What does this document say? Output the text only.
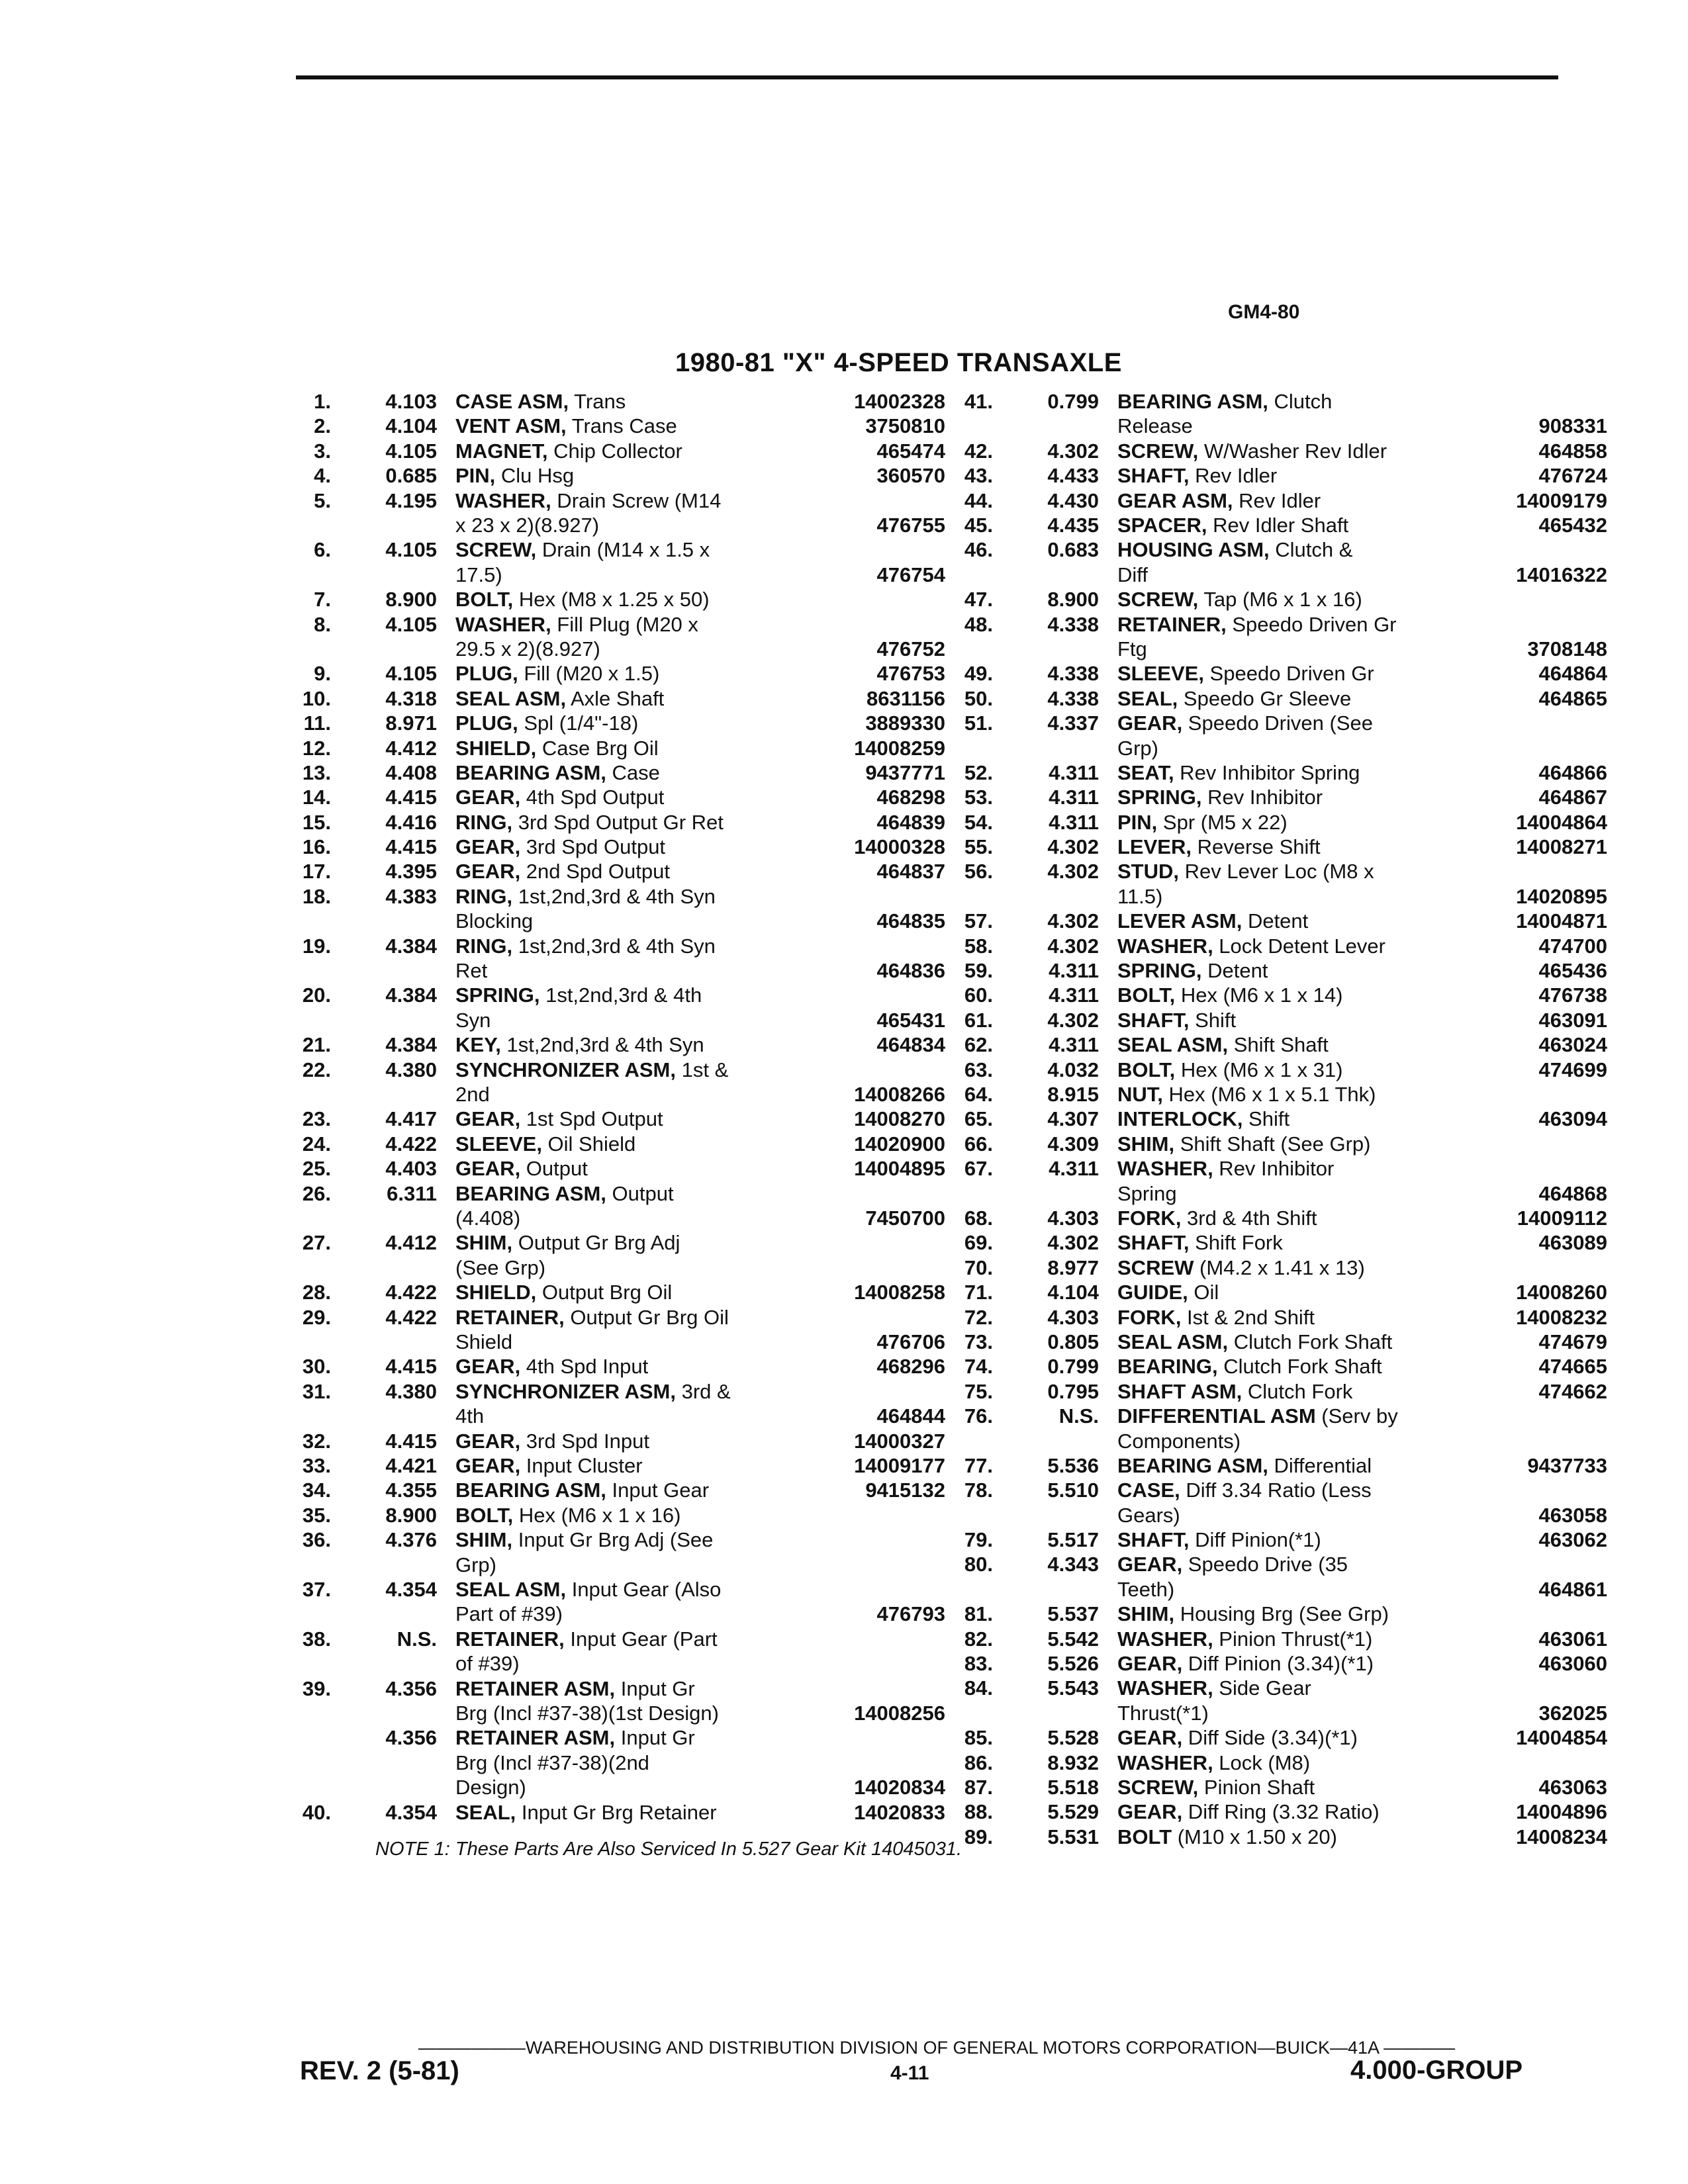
GM4-80
1980-81 "X" 4-SPEED TRANSAXLE
1.	4.103 CASE ASM, Trans	14002328
2.	4.104 VENT ASM, Trans Case	3750810
3.	4.105 MAGNET, Chip Collector	465474
4.	0.685 PIN, Clu Hsg	360570
5.	4.195 WASHER, Drain Screw (M14
x 23 x 2)(8.927)	476755
6.	4.105 SCREW, Drain (M14 x 1.5 x
17.5)	476754
7.	8.900 BOLT, Hex (M8 x 1.25 x 50)
8.	4.105 WASHER, Fill Plug (M20 x
29.5 x 2)(8.927)	476752
9.	4.105 PLUG, Fill (M20 x 1.5)	476753
10.	4.318 SEAL ASM, Axle Shaft	8631156
11.	8.971 PLUG, Spl (1/4"-18)	3889330
12.	4.412 SHIELD, Case Brg Oil	14008259
13.	4.408 BEARING ASM, Case	9437771
14.	4.415 GEAR, 4th Spd Output	468298
15.	4.416 RING, 3rd Spd Output Gr Ret	464839
16.	4.415 GEAR, 3rd Spd Output	14000328
17.	4.395 GEAR, 2nd Spd Output	464837
18.	4.383 RING, 1st,2nd,3rd & 4th Syn
Blocking	464835
19.	4.384 RING, 1st,2nd,3rd & 4th Syn
Ret	464836
20.	4.384 SPRING, 1st,2nd,3rd & 4th
Syn	465431
21.	4.384 KEY, 1st,2nd,3rd & 4th Syn	464834
22.	4.380 SYNCHRONIZER ASM, 1st &
2nd	14008266
23.	4.417 GEAR, 1st Spd Output	14008270
24.	4.422 SLEEVE, Oil Shield	14020900
25.	4.403 GEAR, Output	14004895
26.	6.311 BEARING ASM, Output
(4.408)	7450700
27.	4.412 SHIM, Output Gr Brg Adj
(See Grp)
28.	4.422 SHIELD, Output Brg Oil	14008258
29.	4.422 RETAINER, Output Gr Brg Oil
Shield	476706
30.	4.415 GEAR, 4th Spd Input	468296
31.	4.380 SYNCHRONIZER ASM, 3rd &
4th	464844
32.	4.415 GEAR, 3rd Spd Input	14000327
33.	4.421 GEAR, Input Cluster	14009177
34.	4.355 BEARING ASM, Input Gear	9415132
35.	8.900 BOLT, Hex (M6 x 1 x 16)
36.	4.376 SHIM, Input Gr Brg Adj (See
Grp)
37.	4.354 SEAL ASM, Input Gear (Also
Part of #39)	476793
38.	N.S. RETAINER, Input Gear (Part
of #39)
39.	4.356 RETAINER ASM, Input Gr
Brg (Incl #37-38)(1st Design)	14008256
4.356 RETAINER ASM, Input Gr
Brg (Incl #37-38)(2nd
Design)	14020834
40.	4.354 SEAL, Input Gr Brg Retainer	14020833
41.	0.799 BEARING ASM, Clutch
Release	908331
42.	4.302 SCREW, W/Washer Rev Idler	464858
43.	4.433 SHAFT, Rev Idler	476724
44.	4.430 GEAR ASM, Rev Idler	14009179
45.	4.435 SPACER, Rev Idler Shaft	465432
46.	0.683 HOUSING ASM, Clutch &
Diff	14016322
47.	8.900 SCREW, Tap (M6 x 1 x 16)
48.	4.338 RETAINER, Speedo Driven Gr
Ftg	3708148
49.	4.338 SLEEVE, Speedo Driven Gr	464864
50.	4.338 SEAL, Speedo Gr Sleeve	464865
51.	4.337 GEAR, Speedo Driven (See
Grp)
52.	4.311 SEAT, Rev Inhibitor Spring	464866
53.	4.311 SPRING, Rev Inhibitor	464867
54.	4.311 PIN, Spr (M5 x 22)	14004864
55.	4.302 LEVER, Reverse Shift	14008271
56.	4.302 STUD, Rev Lever Loc (M8 x
11.5)	14020895
57.	4.302 LEVER ASM, Detent	14004871
58.	4.302 WASHER, Lock Detent Lever	474700
59.	4.311 SPRING, Detent	465436
60.	4.311 BOLT, Hex (M6 x 1 x 14)	476738
61.	4.302 SHAFT, Shift	463091
62.	4.311 SEAL ASM, Shift Shaft	463024
63.	4.032 BOLT, Hex (M6 x 1 x 31)	474699
64.	8.915 NUT, Hex (M6 x 1 x 5.1 Thk)
65.	4.307 INTERLOCK, Shift	463094
66.	4.309 SHIM, Shift Shaft (See Grp)
67.	4.311 WASHER, Rev Inhibitor
Spring	464868
68.	4.303 FORK, 3rd & 4th Shift	14009112
69.	4.302 SHAFT, Shift Fork	463089
70.	8.977 SCREW (M4.2 x 1.41 x 13)
71.	4.104 GUIDE, Oil	14008260
72.	4.303 FORK, Ist & 2nd Shift	14008232
73.	0.805 SEAL ASM, Clutch Fork Shaft	474679
74.	0.799 BEARING, Clutch Fork Shaft	474665
75.	0.795 SHAFT ASM, Clutch Fork	474662
76.	N.S. DIFFERENTIAL ASM (Serv by
Components)
77.	5.536 BEARING ASM, Differential	9437733
78.	5.510 CASE, Diff 3.34 Ratio (Less
Gears)	463058
79.	5.517 SHAFT, Diff Pinion(*1)	463062
80.	4.343 GEAR, Speedo Drive (35
Teeth)	464861
81.	5.537 SHIM, Housing Brg (See Grp)
82.	5.542 WASHER, Pinion Thrust(*1)	463061
83.	5.526 GEAR, Diff Pinion (3.34)(*1)	463060
84.	5.543 WASHER, Side Gear
Thrust(*1)	362025
85.	5.528 GEAR, Diff Side (3.34)(*1)	14004854
86.	8.932 WASHER, Lock (M8)
87.	5.518 SCREW, Pinion Shaft	463063
88.	5.529 GEAR, Diff Ring (3.32 Ratio)	14004896
89.	5.531 BOLT (M10 x 1.50 x 20)	14008234
NOTE 1: These Parts Are Also Serviced In 5.527 Gear Kit 14045031.
——————WAREHOUSING AND DISTRIBUTION DIVISION OF GENERAL MOTORS CORPORATION—BUICK—41A ————
REV. 2 (5-81)	4-11	4.000-GROUP
